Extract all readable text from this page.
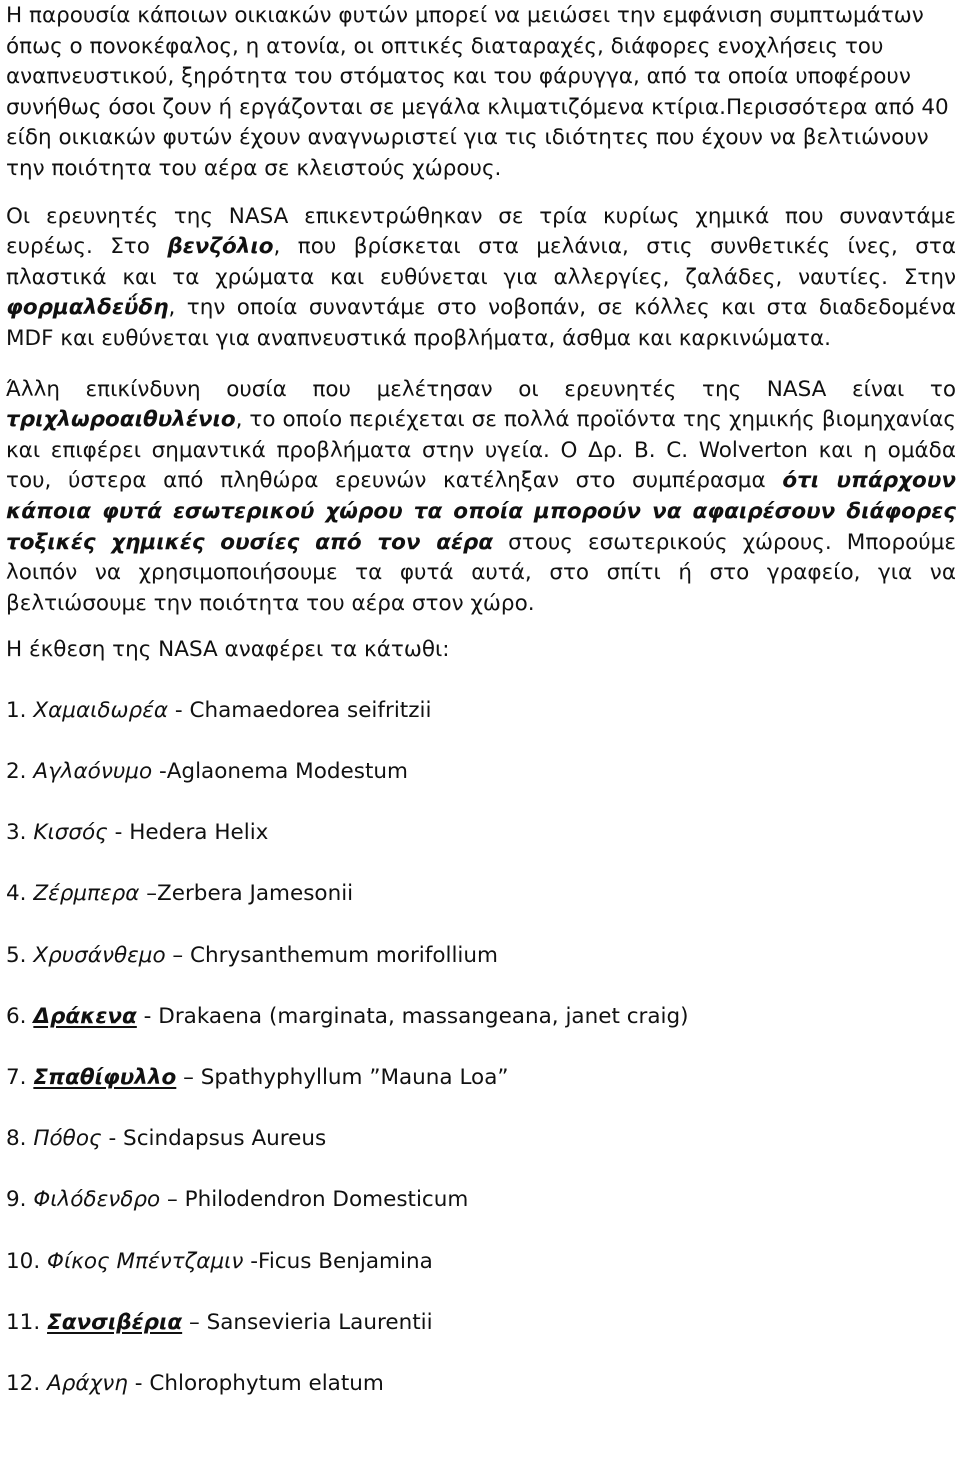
Η παρουσία κάποιων οικιακών φυτών μπορεί να μειώσει την εμφάνιση συμπτωμάτων όπως ο πονοκέφαλος, η ατονία, οι οπτικές διαταραχές, διάφορες ενοχλήσεις του αναπνευστικού, ξηρότητα του στόματος και του φάρυγγα, από τα οποία υποφέρουν συνήθως όσοι ζουν ή εργάζονται σε μεγάλα κλιματιζόμενα κτίρια.Περισσότερα από 40 είδη οικιακών φυτών έχουν αναγνωριστεί για τις ιδιότητες που έχουν να βελτιώνουν την ποιότητα του αέρα σε κλειστούς χώρους.

Οι ερευνητές της NASA επικεντρώθηκαν σε τρία κυρίως χημικά που συναντάμε ευρέως. Στο βενζόλιο, που βρίσκεται στα μελάνια, στις συνθετικές ίνες, στα πλαστικά και τα χρώματα και ευθύνεται για αλλεργίες, ζαλάδες, ναυτίες. Στην φορμαλδεΰδη, την οποία συναντάμε στο νοβοπάν, σε κόλλες και στα διαδεδομένα MDF και ευθύνεται για αναπνευστικά προβλήματα, άσθμα και καρκινώματα.

Άλλη επικίνδυνη ουσία που μελέτησαν οι ερευνητές της NASA είναι το τριχλωροαιθυλένιο, το οποίο περιέχεται σε πολλά προϊόντα της χημικής βιομηχανίας και επιφέρει σημαντικά προβλήματα στην υγεία. Ο Δρ. Β. C. Wolverton και η ομάδα του, ύστερα από πληθώρα ερευνών κατέληξαν στο συμπέρασμα ότι υπάρχουν κάποια φυτά εσωτερικού χώρου τα οποία μπορούν να αφαιρέσουν διάφορες τοξικές χημικές ουσίες από τον αέρα στους εσωτερικούς χώρους. Μπορούμε λοιπόν να χρησιμοποιήσουμε τα φυτά αυτά, στο σπίτι ή στο γραφείο, για να βελτιώσουμε την ποιότητα του αέρα στον χώρο.

Η έκθεση της NASA αναφέρει τα κάτωθι:

1. Χαμαιδωρέα - Chamaedorea seifritzii
2. Αγλαόνυμο -Aglaonema Modestum
3. Κισσός - Hedera Helix
4. Ζέρμπερα –Zerbera Jamesonii
5. Χρυσάνθεμο – Chrysanthemum morifollium
6. Δράκενα - Drakaena (marginata, massangeana, janet craig)
7. Σπαθίφυλλο – Spathyphyllum ”Mauna Loa”
8. Πόθος - Scindapsus Aureus
9. Φιλόδενδρο – Philodendron Domesticum
10. Φίκος Μπέντζαμιν -Ficus Benjamina
11. Σανσιβέρια – Sansevieria Laurentii
12. Αράχνη - Chlorophytum elatum
